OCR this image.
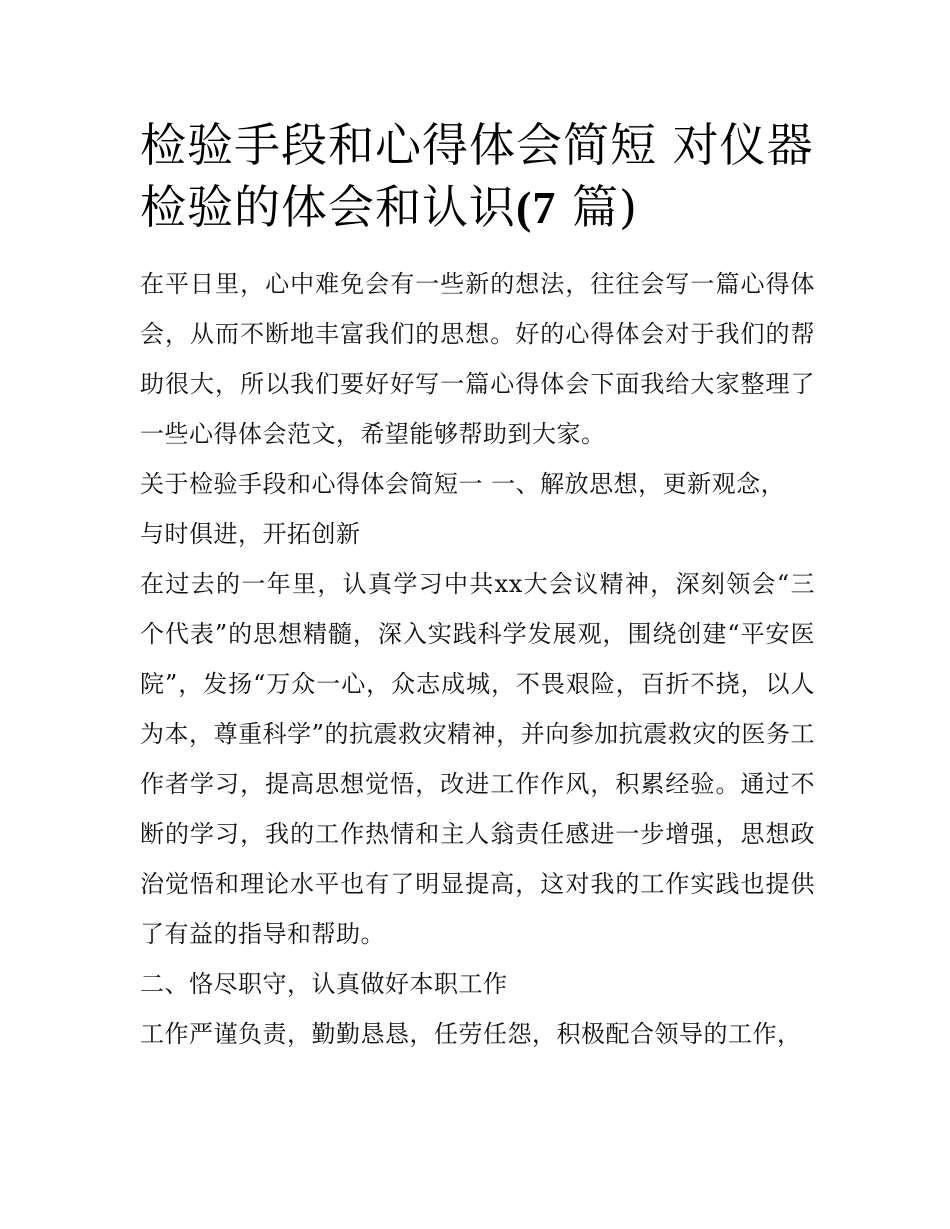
检验手段和心得体会简短 对仪器检验的体会和认识(7 篇)

在平日里，心中难免会有一些新的想法，往往会写一篇心得体会，从而不断地丰富我们的思想。好的心得体会对于我们的帮助很大，所以我们要好好写一篇心得体会下面我给大家整理了一些心得体会范文，希望能够帮助到大家。

关于检验手段和心得体会简短一 一、解放思想，更新观念，

与时俱进，开拓创新

在过去的一年里，认真学习中共xx大会议精神，深刻领会“三个代表”的思想精髓，深入实践科学发展观，围绕创建“平安医院”，发扬“万众一心，众志成城，不畏艰险，百折不挠，以人为本，尊重科学”的抗震救灾精神，并向参加抗震救灾的医务工作者学习，提高思想觉悟，改进工作作风，积累经验。通过不断的学习，我的工作热情和主人翁责任感进一步增强，思想政治觉悟和理论水平也有了明显提高，这对我的工作实践也提供了有益的指导和帮助。

二、恪尽职守，认真做好本职工作

工作严谨负责，勤勤恳恳，任劳任怨，积极配合领导的工作，
